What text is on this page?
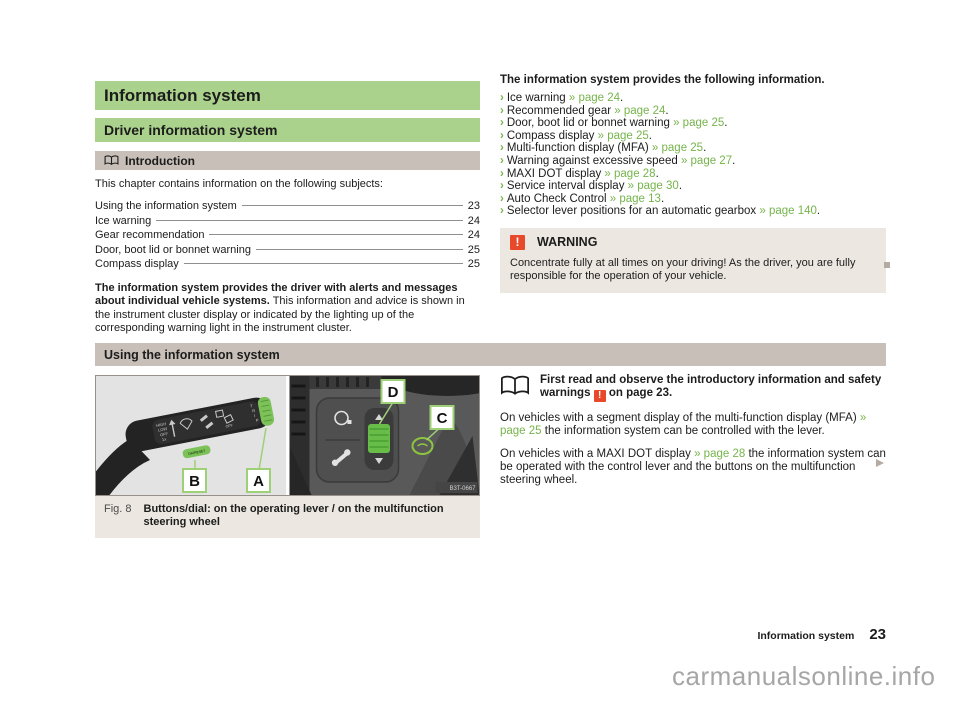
Information system
Driver information system
Introduction
This chapter contains information on the following subjects:
Using the information system	23
Ice warning	24
Gear recommendation	24
Door, boot lid or bonnet warning	25
Compass display	25
The information system provides the driver with alerts and messages about individual vehicle systems. This information and advice is shown in the instrument cluster display or indicated by the lighting up of the corresponding warning light in the instrument cluster.
Using the information system
HIGH
LOW
OFF
1x
OFF
T
R
I
P
OK/RESET
B	A	B3T-0667
D
C
Fig. 8 Buttons/dial: on the operating lever / on the multifunction steering wheel
The information system provides the following information.
› Ice warning » page 24.
› Recommended gear » page 24.
› Door, boot lid or bonnet warning » page 25.
› Compass display » page 25.
› Multi-function display (MFA) » page 25.
› Warning against excessive speed » page 27.
› MAXI DOT display » page 28.
› Service interval display » page 30.
› Auto Check Control » page 13.
› Selector lever positions for an automatic gearbox » page 140.
!	WARNING
Concentrate fully at all times on your driving! As the driver, you are fully responsible for the operation of your vehicle.
First read and observe the introductory information and safety warnings ! on page 23.
On vehicles with a segment display of the multi-function display (MFA) » page 25 the information system can be controlled with the lever.
On vehicles with a MAXI DOT display » page 28 the information system can be operated with the control lever and the buttons on the multifunction steering wheel.
Information system 23
carmanualsonline.info
